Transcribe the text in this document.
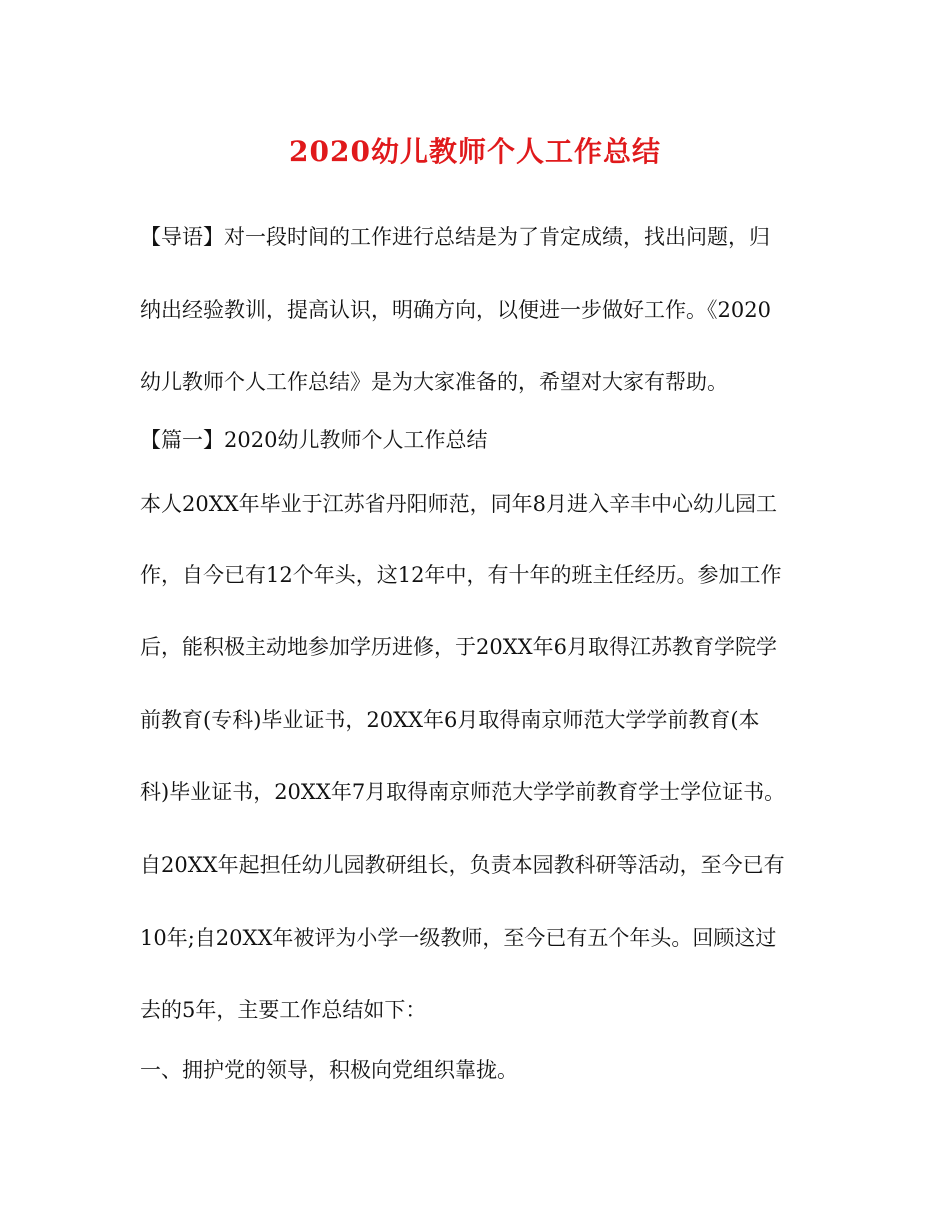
2020幼儿教师个人工作总结
【导语】对一段时间的工作进行总结是为了肯定成绩，找出问题，归
纳出经验教训，提高认识，明确方向，以便进一步做好工作。《2020
幼儿教师个人工作总结》是为大家准备的，希望对大家有帮助。
【篇一】2020幼儿教师个人工作总结
本人20XX年毕业于江苏省丹阳师范，同年8月进入辛丰中心幼儿园工
作，自今已有12个年头，这12年中，有十年的班主任经历。参加工作
后，能积极主动地参加学历进修，于20XX年6月取得江苏教育学院学
前教育(专科)毕业证书，20XX年6月取得南京师范大学学前教育(本
科)毕业证书，20XX年7月取得南京师范大学学前教育学士学位证书。
自20XX年起担任幼儿园教研组长，负责本园教科研等活动，至今已有
10年;自20XX年被评为小学一级教师，至今已有五个年头。回顾这过
去的5年，主要工作总结如下：
一、拥护党的领导，积极向党组织靠拢。
